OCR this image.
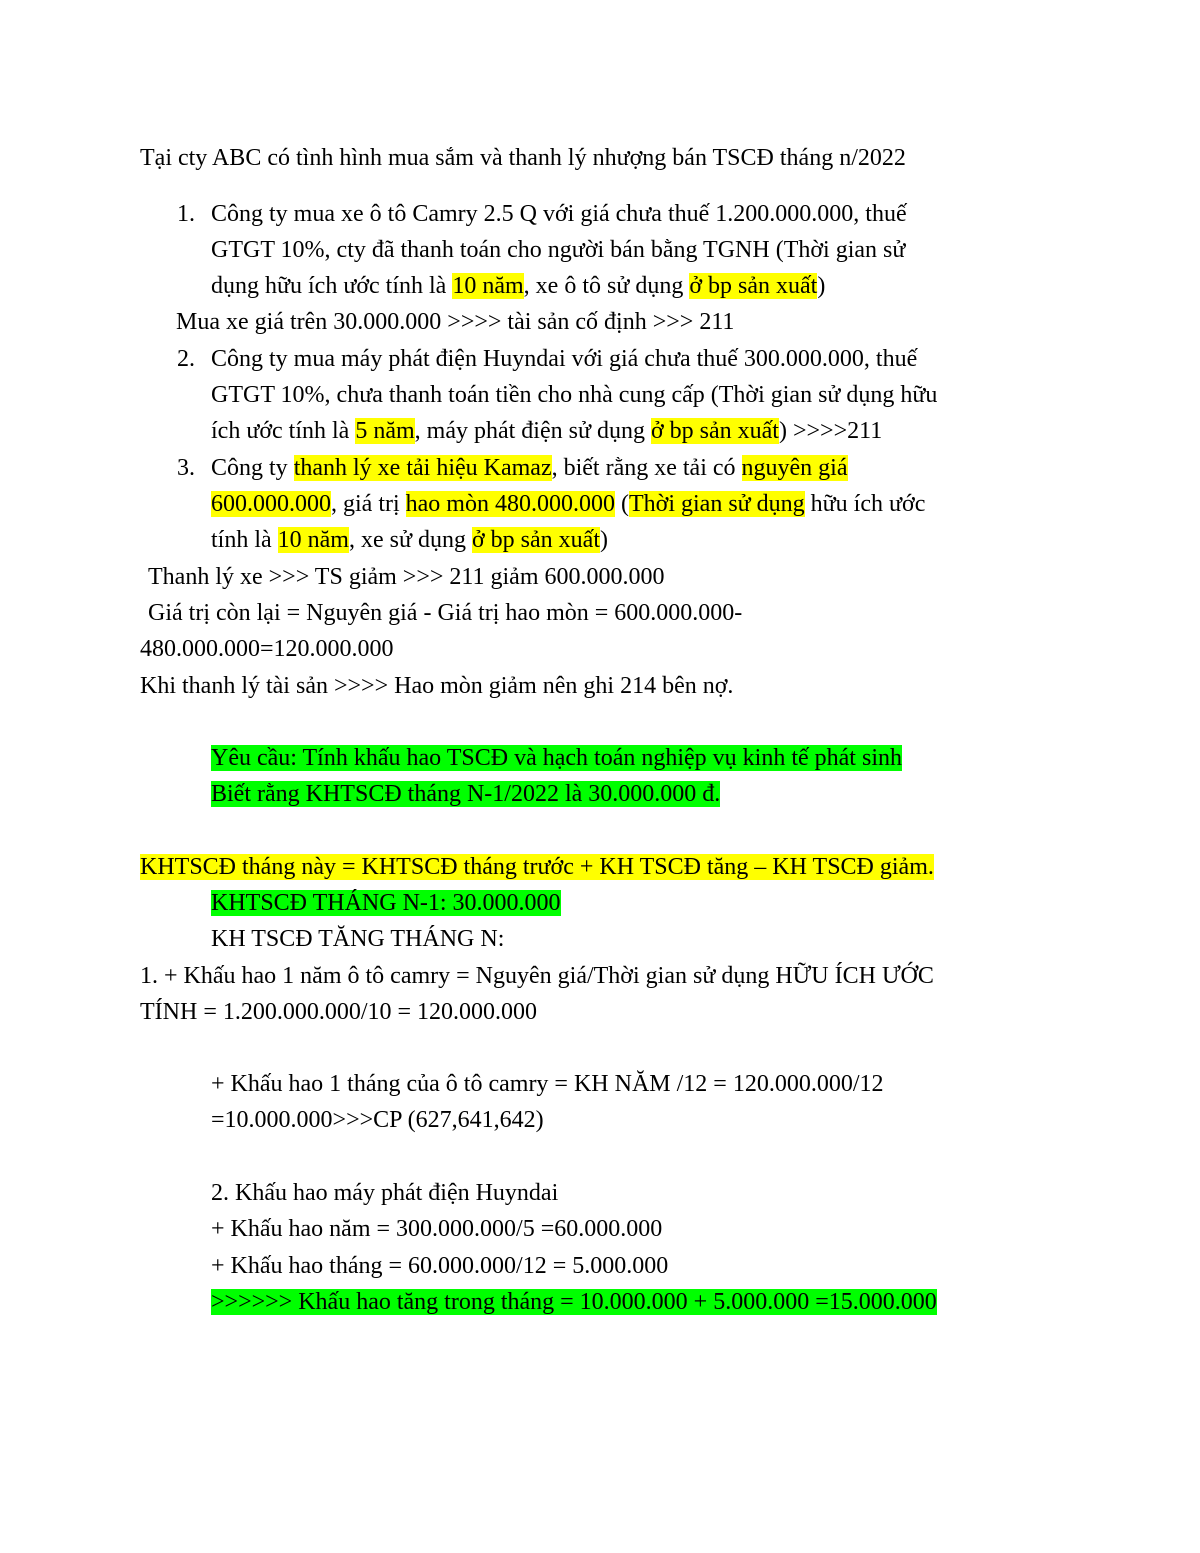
Tại cty ABC có tình hình mua sắm và thanh lý nhượng bán TSCĐ tháng n/2022
1. Công ty mua xe ô tô Camry 2.5 Q với giá chưa thuế 1.200.000.000, thuế
GTGT 10%, cty đã thanh toán cho người bán bằng TGNH (Thời gian sử
dụng hữu ích ước tính là 10 năm, xe ô tô sử dụng ở bp sản xuất)
Mua xe giá trên 30.000.000 >>>> tài sản cố định >>> 211
2. Công ty mua máy phát điện Huyndai với giá chưa thuế 300.000.000, thuế
GTGT 10%, chưa thanh toán tiền cho nhà cung cấp (Thời gian sử dụng hữu
ích ước tính là 5 năm, máy phát điện sử dụng ở bp sản xuất) >>>>211
3. Công ty thanh lý xe tải hiệu Kamaz, biết rằng xe tải có nguyên giá
600.000.000, giá trị hao mòn 480.000.000 (Thời gian sử dụng hữu ích ước
tính là 10 năm, xe sử dụng ở bp sản xuất)
Thanh lý xe >>> TS giảm >>> 211 giảm 600.000.000
Giá trị còn lại = Nguyên giá - Giá trị hao mòn = 600.000.000-
480.000.000=120.000.000
Khi thanh lý tài sản >>>> Hao mòn giảm nên ghi 214 bên nợ.
Yêu cầu: Tính khấu hao TSCĐ và hạch toán nghiệp vụ kinh tế phát sinh
Biết rằng KHTSCĐ tháng N-1/2022 là 30.000.000 đ.
KHTSCĐ tháng này = KHTSCĐ tháng trước + KH TSCĐ tăng – KH TSCĐ giảm.
KHTSCĐ THÁNG N-1: 30.000.000
KH TSCĐ TĂNG THÁNG N:
1. + Khấu hao 1 năm ô tô camry = Nguyên giá/Thời gian sử dụng HỮU ÍCH ƯỚC
TÍNH = 1.200.000.000/10 = 120.000.000
+ Khấu hao 1 tháng của ô tô camry = KH NĂM /12 = 120.000.000/12
=10.000.000>>>CP (627,641,642)
2. Khấu hao máy phát điện Huyndai
+ Khấu hao năm = 300.000.000/5 =60.000.000
+ Khấu hao tháng = 60.000.000/12 = 5.000.000
>>>>>> Khấu hao tăng trong tháng = 10.000.000 + 5.000.000 =15.000.000
